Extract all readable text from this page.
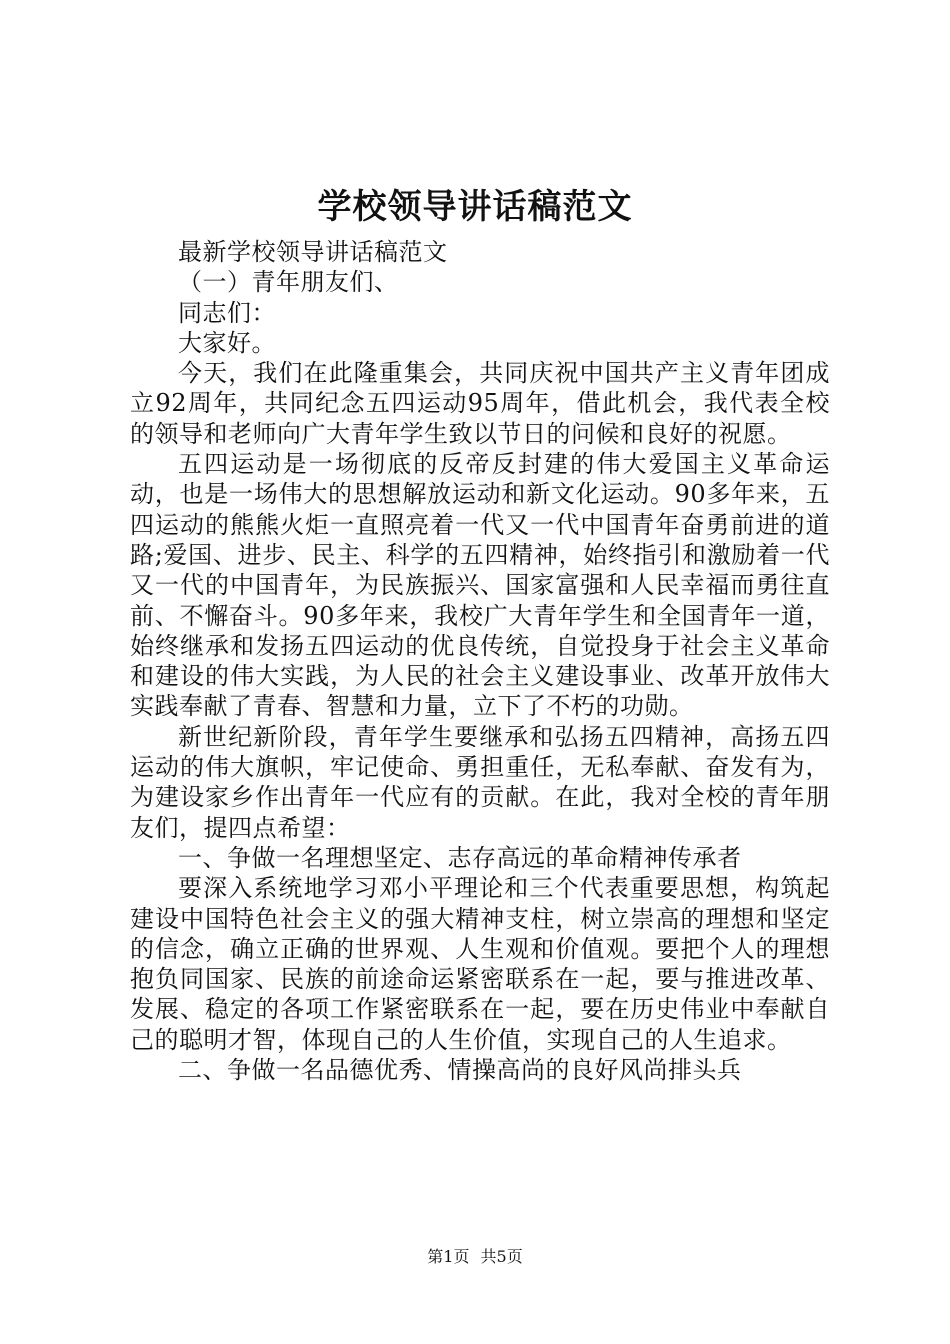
学校领导讲话稿范文

最新学校领导讲话稿范文

（一）青年朋友们、

同志们：

大家好。

今天，我们在此隆重集会，共同庆祝中国共产主义青年团成立92周年，共同纪念五四运动95周年，借此机会，我代表全校的领导和老师向广大青年学生致以节日的问候和良好的祝愿。

五四运动是一场彻底的反帝反封建的伟大爱国主义革命运动，也是一场伟大的思想解放运动和新文化运动。90多年来，五四运动的熊熊火炬一直照亮着一代又一代中国青年奋勇前进的道路;爱国、进步、民主、科学的五四精神，始终指引和激励着一代又一代的中国青年，为民族振兴、国家富强和人民幸福而勇往直前、不懈奋斗。90多年来，我校广大青年学生和全国青年一道，始终继承和发扬五四运动的优良传统，自觉投身于社会主义革命和建设的伟大实践，为人民的社会主义建设事业、改革开放伟大实践奉献了青春、智慧和力量，立下了不朽的功勋。

新世纪新阶段，青年学生要继承和弘扬五四精神，高扬五四运动的伟大旗帜，牢记使命、勇担重任，无私奉献、奋发有为，为建设家乡作出青年一代应有的贡献。在此，我对全校的青年朋友们，提四点希望：

一、争做一名理想坚定、志存高远的革命精神传承者

要深入系统地学习邓小平理论和三个代表重要思想，构筑起建设中国特色社会主义的强大精神支柱，树立崇高的理想和坚定的信念，确立正确的世界观、人生观和价值观。要把个人的理想抱负同国家、民族的前途命运紧密联系在一起，要与推进改革、发展、稳定的各项工作紧密联系在一起，要在历史伟业中奉献自己的聪明才智，体现自己的人生价值，实现自己的人生追求。

二、争做一名品德优秀、情操高尚的良好风尚排头兵

第1页 共5页
